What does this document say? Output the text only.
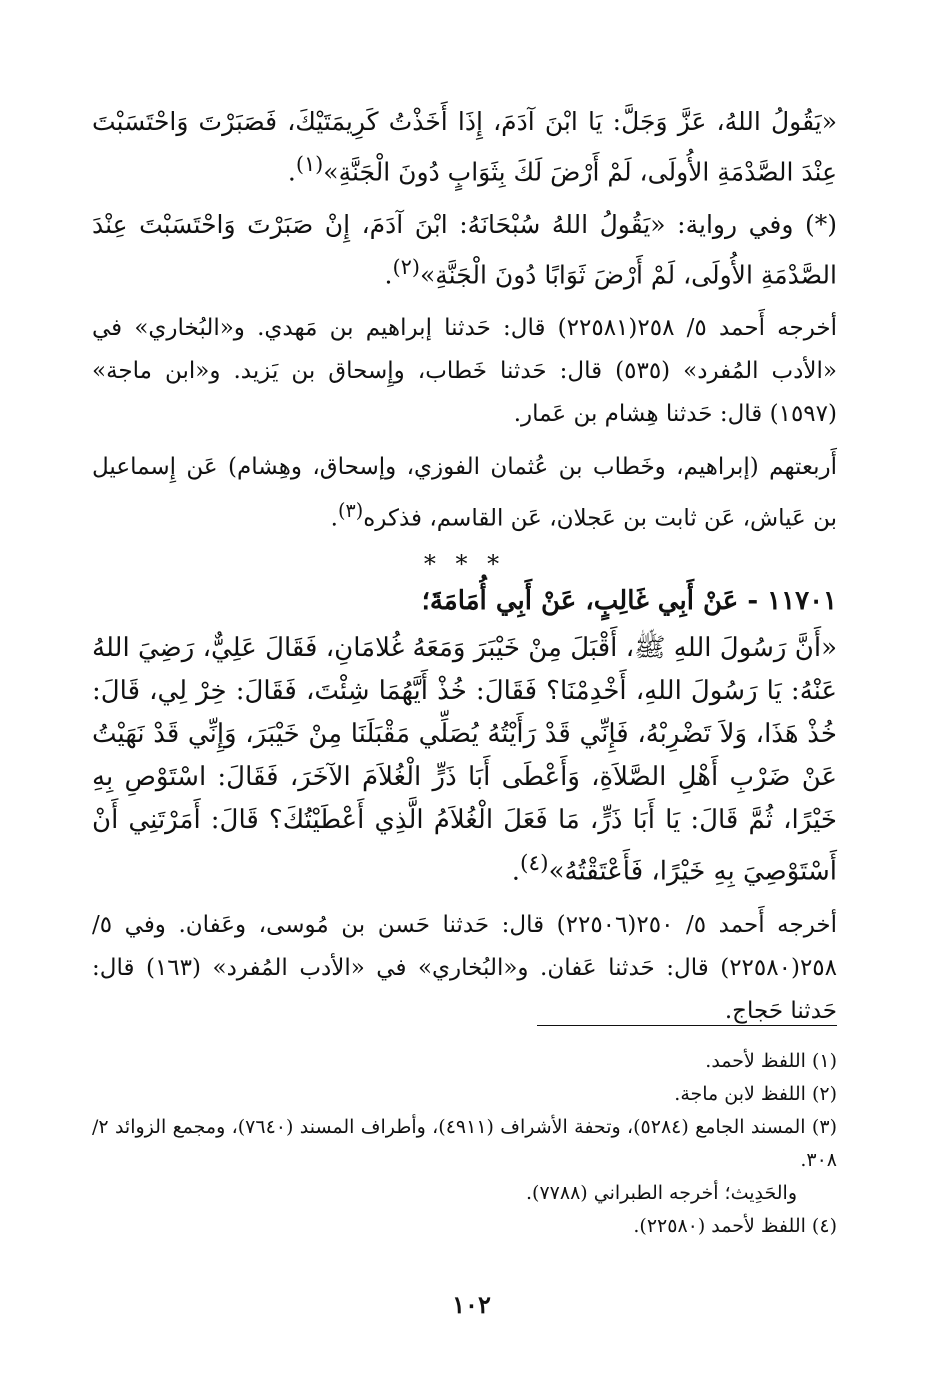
«يَقُولُ اللهُ، عَزَّ وَجَلَّ: يَا ابْنَ آدَمَ، إِذَا أَخَذْتُ كَرِيمَتَيْكَ، فَصَبَرْتَ وَاحْتَسَبْتَ عِنْدَ الصَّدْمَةِ الأُولَى، لَمْ أَرْضَ لَكَ بِثَوَابٍ دُونَ الْجَنَّةِ»$^{(١)}$.

(*) وفي رواية: «يَقُولُ اللهُ سُبْحَانَهُ: ابْنَ آدَمَ، إِنْ صَبَرْتَ وَاحْتَسَبْتَ عِنْدَ الصَّدْمَةِ الأُولَى، لَمْ أَرْضَ ثَوَابًا دُونَ الْجَنَّةِ»$^{(٢)}$.

أخرجه أَحمد ٥/ ٢٥٨(٢٢٥٨١) قال: حَدثنا إبراهيم بن مَهدي. و«البُخاري» في «الأدب المُفرد» (٥٣٥) قال: حَدثنا خَطاب، وإِسحاق بن يَزيد. و«ابن ماجة» (١٥٩٧) قال: حَدثنا هِشام بن عَمار.

أَربعتهم (إبراهيم، وخَطاب بن عُثمان الفوزي، وإسحاق، وهِشام) عَن إِسماعيل بن عَياش، عَن ثابت بن عَجلان، عَن القاسم، فذكره$^{(٣)}$.

* * *
١١٧٠١ - عَنْ أَبِي غَالِبٍ، عَنْ أَبِي أُمَامَةَ؛

«أَنَّ رَسُولَ اللهِ ﷺ، أَقْبَلَ مِنْ خَيْبَرَ وَمَعَهُ غُلامَانِ، فَقَالَ عَلِيٌّ، رَضِيَ اللهُ عَنْهُ: يَا رَسُولَ اللهِ، أَخْدِمْنَا؟ فَقَالَ: خُذْ أَيَّهُمَا شِئْتَ، فَقَالَ: خِرْ لِي، قَالَ: خُذْ هَذَا، وَلاَ تَضْرِبْهُ، فَإِنِّي قَدْ رَأَيْتُهُ يُصَلِّي مَقْبَلَنَا مِنْ خَيْبَرَ، وَإِنِّي قَدْ نَهَيْتُ عَنْ ضَرْبِ أَهْلِ الصَّلاَةِ، وَأَعْطَى أَبَا ذَرٍّ الْغُلاَمَ الآخَرَ، فَقَالَ: اسْتَوْصِ بِهِ خَيْرًا، ثُمَّ قَالَ: يَا أَبَا ذَرٍّ، مَا فَعَلَ الْغُلاَمُ الَّذِي أَعْطَيْتُكَ؟ قَالَ: أَمَرْتَنِي أَنْ أَسْتَوْصِيَ بِهِ خَيْرًا، فَأَعْتَقْتُهُ»$^{(٤)}$.

أخرجه أَحمد ٥/ ٢٥٠(٢٢٥٠٦) قال: حَدثنا حَسن بن مُوسى، وعَفان. وفي ٥/ ٢٥٨(٢٢٥٨٠) قال: حَدثنا عَفان. و«البُخاري» في «الأدب المُفرد» (١٦٣) قال: حَدثنا حَجاج.

(١) اللفظ لأحمد.

(٢) اللفظ لابن ماجة.

(٣) المسند الجامع (٥٢٨٤)، وتحفة الأشراف (٤٩١١)، وأطراف المسند (٧٦٤٠)، ومجمع الزوائد ٢/ ٣٠٨.

والحَدِيث؛ أخرجه الطبراني (٧٧٨٨).

(٤) اللفظ لأحمد (٢٢٥٨٠).

١٠٢
